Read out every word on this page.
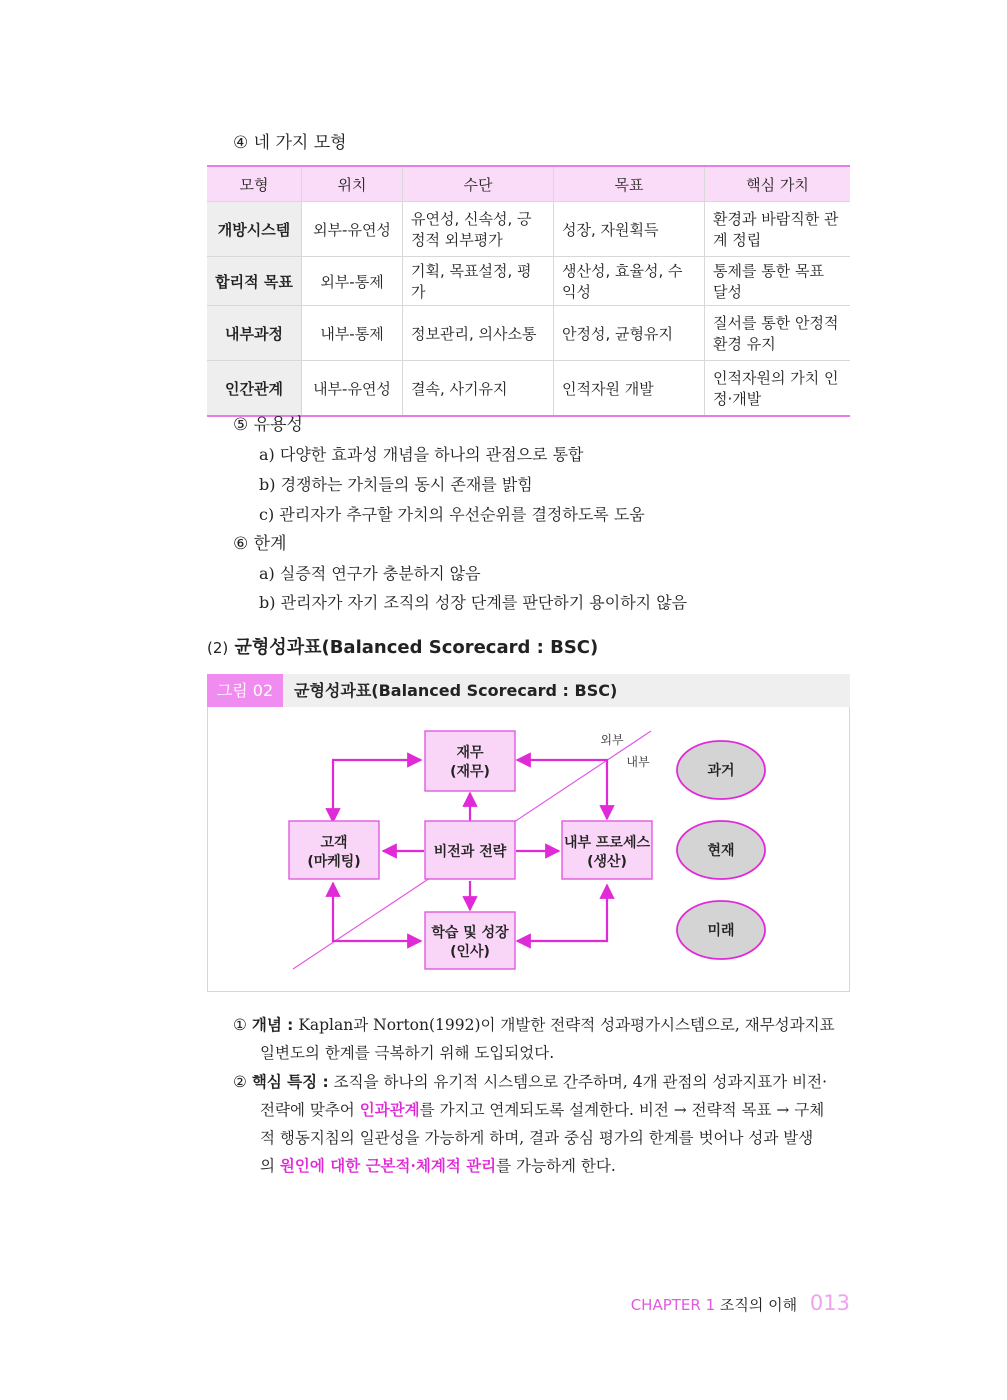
④ 네 가지 모형
모형	위치	수단	목표	핵심 가치
개방시스템	외부-유연성	유연성, 신속성, 긍정적 외부평가	성장, 자원획득	환경과 바람직한 관계 정립
합리적 목표	외부-통제	기획, 목표설정, 평가	생산성, 효율성, 수익성	통제를 통한 목표 달성
내부과정	내부-통제	정보관리, 의사소통	안정성, 균형유지	질서를 통한 안정적 환경 유지
인간관계	내부-유연성	결속, 사기유지	인적자원 개발	인적자원의 가치 인정·개발
⑤ 유용성
a) 다양한 효과성 개념을 하나의 관점으로 통합
b) 경쟁하는 가치들의 동시 존재를 밝힘
c) 관리자가 추구할 가치의 우선순위를 결정하도록 도움
⑥ 한계
a) 실증적 연구가 충분하지 않음
b) 관리자가 자기 조직의 성장 단계를 판단하기 용이하지 않음
(2) 균형성과표(Balanced Scorecard : BSC)
그림 02	균형성과표(Balanced Scorecard : BSC)
재무
(재무)
고객
(마케팅)
비전과 전략
내부 프로세스
(생산)
학습 및 성장
(인사)
외부
내부
과거
현재
미래
① 개념 : Kaplan과 Norton(1992)이 개발한 전략적 성과평가시스템으로, 재무성과지표
일변도의 한계를 극복하기 위해 도입되었다.
② 핵심 특징 : 조직을 하나의 유기적 시스템으로 간주하며, 4개 관점의 성과지표가 비전·
전략에 맞추어 인과관계를 가지고 연계되도록 설계한다. 비전 → 전략적 목표 → 구체
적 행동지침의 일관성을 가능하게 하며, 결과 중심 평가의 한계를 벗어나 성과 발생
의 원인에 대한 근본적·체계적 관리를 가능하게 한다.
CHAPTER 1 조직의 이해 013
